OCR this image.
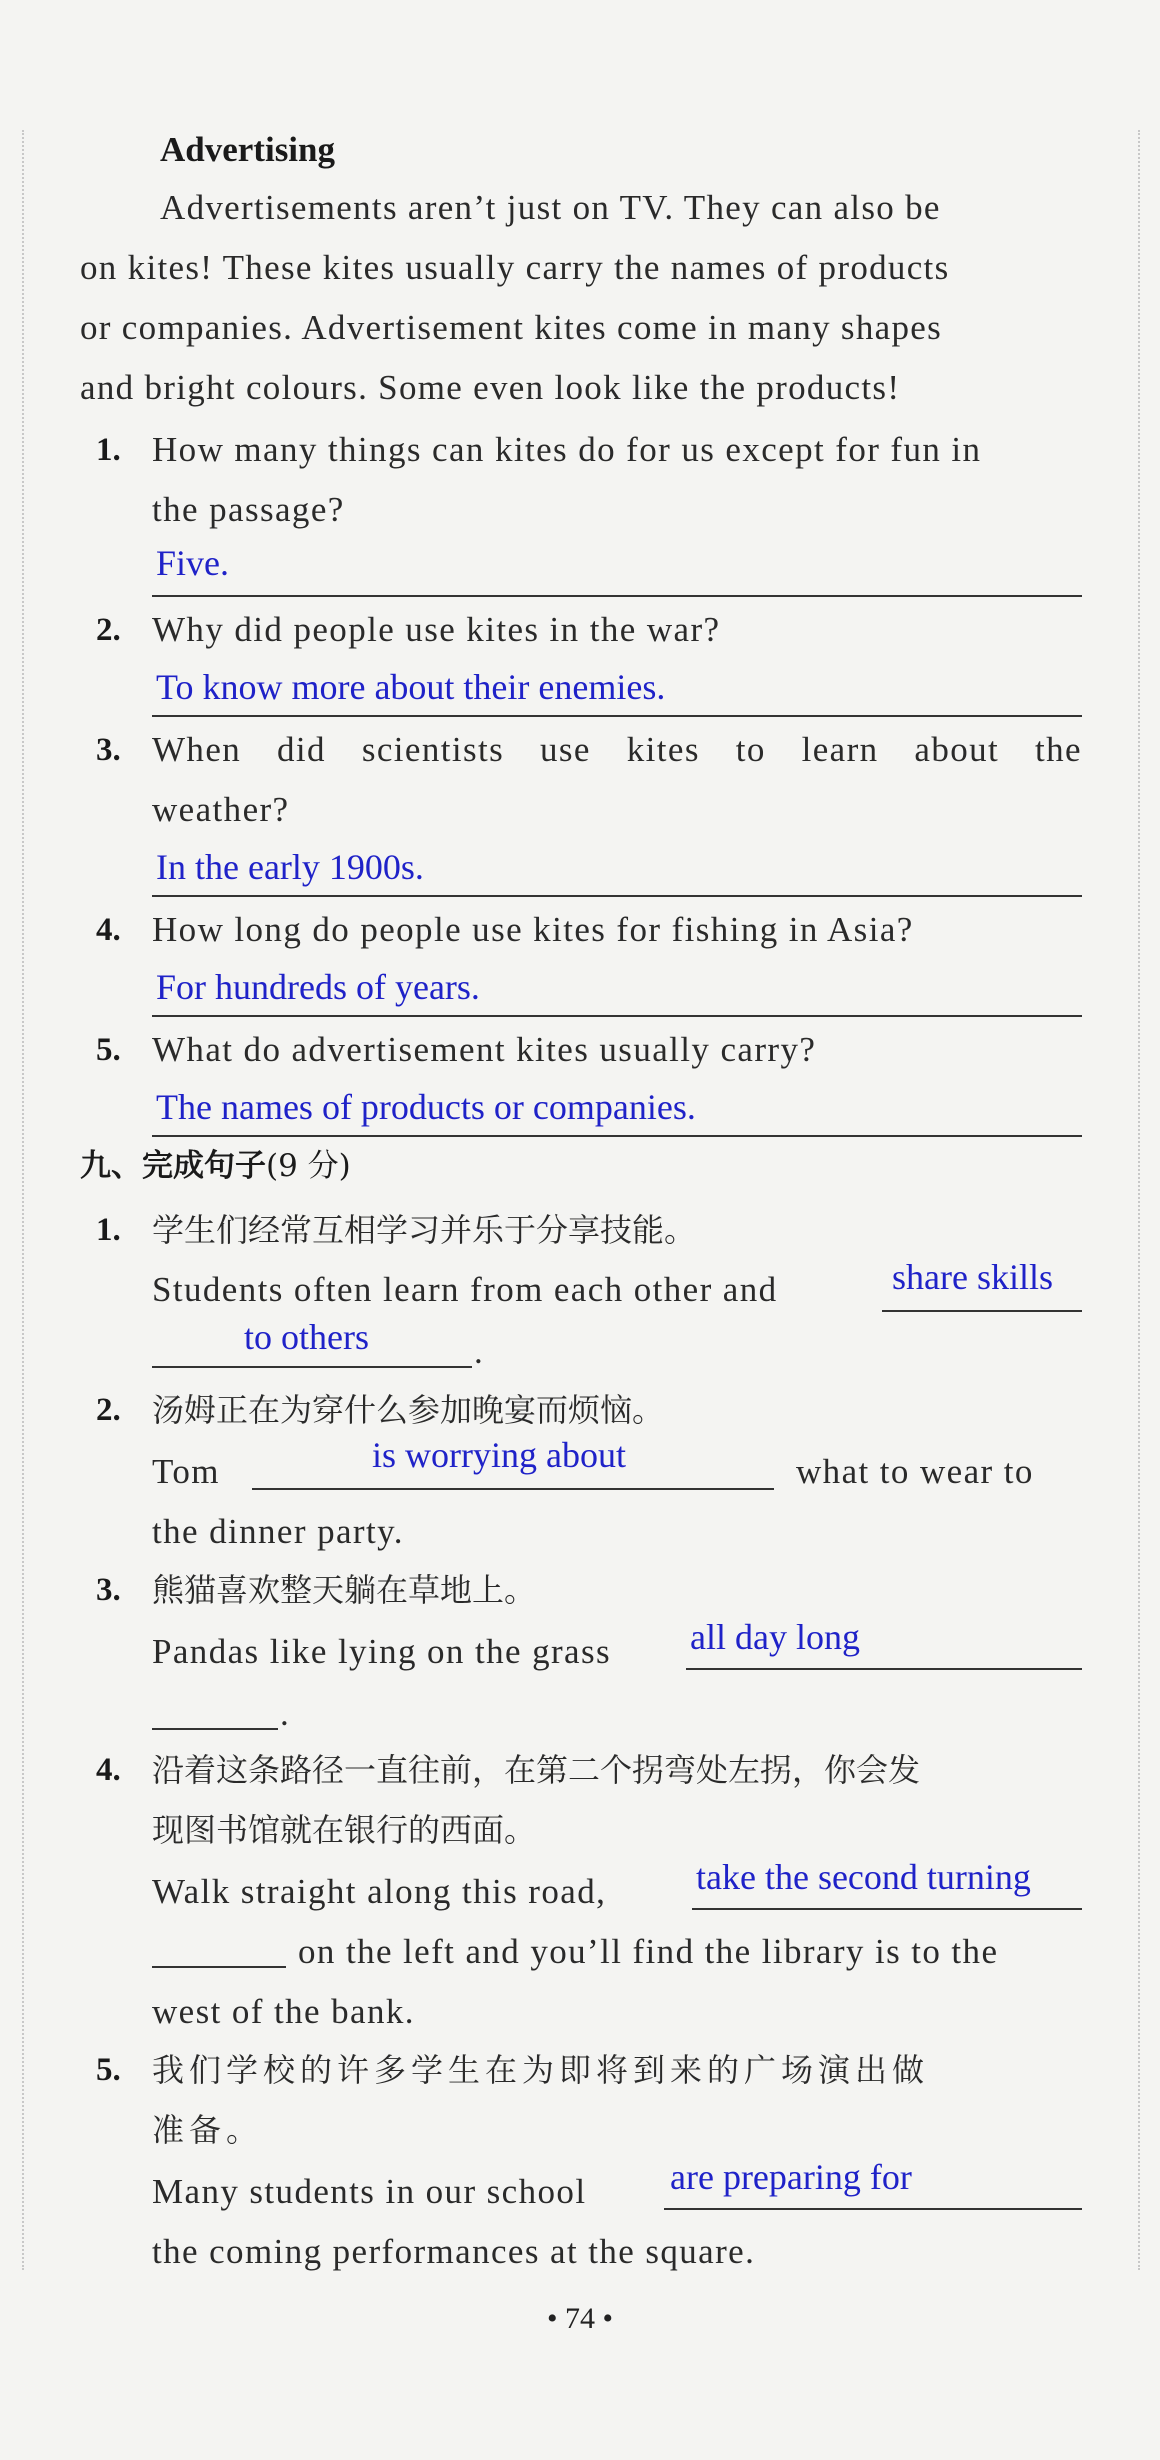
Advertising
Advertisements aren’t just on TV. They can also be
on kites! These kites usually carry the names of products
or companies. Advertisement kites come in many shapes
and bright colours. Some even look like the products!
1. How many things can kites do for us except for fun in
the passage?
Five.
2. Why did people use kites in the war?
To know more about their enemies.
3. When did scientists use kites to learn about the
weather?
In the early 1900s.
4. How long do people use kites for fishing in Asia?
For hundreds of years.
5. What do advertisement kites usually carry?
The names of products or companies.
九、完成句子(9 分)
1. 学生们经常互相学习并乐于分享技能。
Students often learn from each other and	share skills
to others	.
2. 汤姆正在为穿什么参加晚宴而烦恼。
Tom	is worrying about	what to wear to
the dinner party.
3. 熊猫喜欢整天躺在草地上。
Pandas like lying on the grass	all day long
.
4. 沿着这条路径一直往前，在第二个拐弯处左拐，你会发
现图书馆就在银行的西面。
Walk straight along this road,	take the second turning
on the left and you’ll find the library is to the
west of the bank.
5. 我们学校的许多学生在为即将到来的广场演出做
准备。
Many students in our school	are preparing for
the coming performances at the square.
• 74 •
